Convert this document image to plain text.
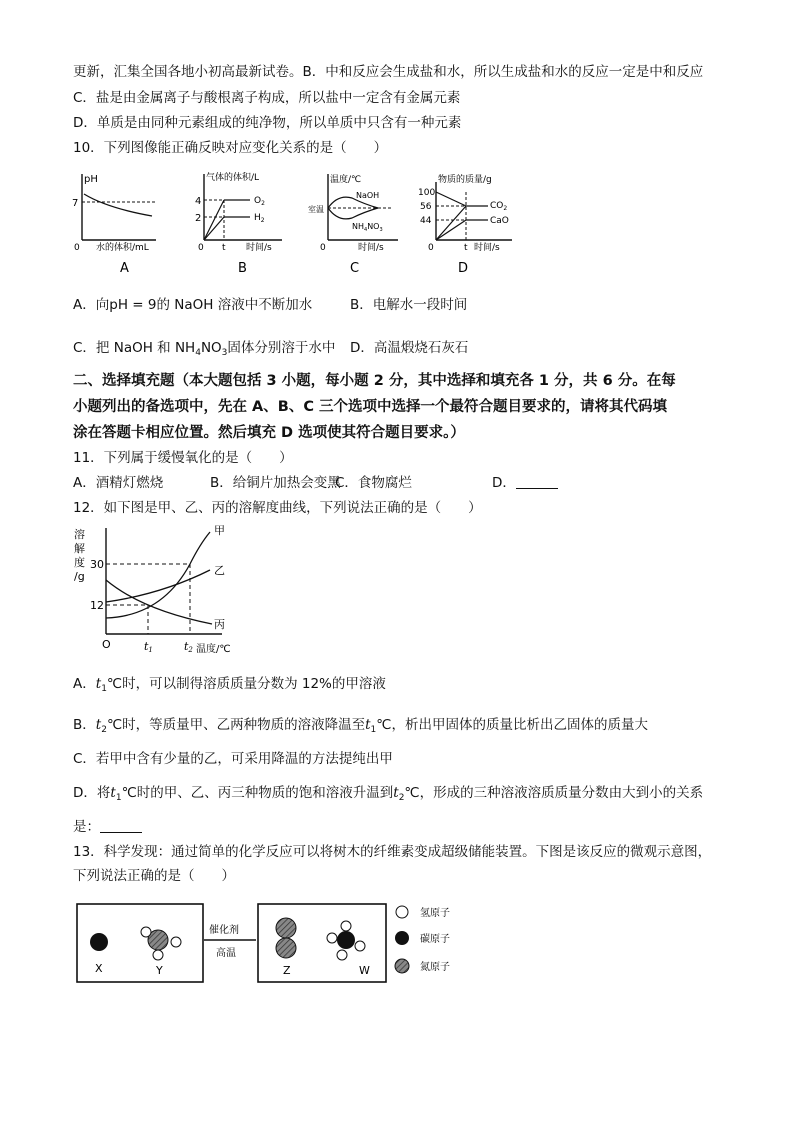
更新，汇集全国各地小初高最新试卷。B．中和反应会生成盐和水，所以生成盐和水的反应一定是中和反应
C．盐是由金属离子与酸根离子构成，所以盐中一定含有金属元素
D．单质是由同种元素组成的纯净物，所以单质中只含有一种元素
10．下列图像能正确反映对应变化关系的是（　　）
pH
7
0 水的体积/mL
A
气体的体积/L
4
2
$O_2$
$H_2$
0 t 时间/s
B
温度/℃
室温
NaOH
$NH_4NO_3$
0	时间/s
C
物质的质量/g
100
56
44
$CO_2$
CaO
0	t 时间/s
D
A．向pH = 9的 NaOH 溶液中不断加水	B．电解水一段时间
C．把 NaOH 和 $NH_4NO_3$固体分别溶于水中 D．高温煅烧石灰石
二、选择填充题（本大题包括 3 小题，每小题 2 分，其中选择和填充各 1 分，共 6 分。在每
小题列出的备选项中，先在 A、B、C 三个选项中选择一个最符合题目要求的，请将其代码填
涂在答题卡相应位置。然后填充 D 选项使其符合题目要求。）
11．下列属于缓慢氧化的是（　　）
A．酒精灯燃烧	B．给铜片加热会变黑
C．食物腐烂	D．
12．如下图是甲、乙、丙的溶解度曲线，下列说法正确的是（　　）
溶
解
度
/g
30
12
甲
乙
丙
O	t1	t2 温度/℃
A．$t_1℃$时，可以制得溶质质量分数为 12%的甲溶液
B．$t_2℃$时，等质量甲、乙两种物质的溶液降温至$t_1℃$，析出甲固体的质量比析出乙固体的质量大
C．若甲中含有少量的乙，可采用降温的方法提纯出甲
D．将$t_1℃$时的甲、乙、丙三种物质的饱和溶液升温到$t_2℃$，形成的三种溶液溶质质量分数由大到小的关系
是：
13．科学发现：通过简单的化学反应可以将树木的纤维素变成超级储能装置。下图是该反应的微观示意图，
下列说法正确的是（　　）
催化剂
高温
X	Y	Z	W
氢原子
碳原子
氮原子
